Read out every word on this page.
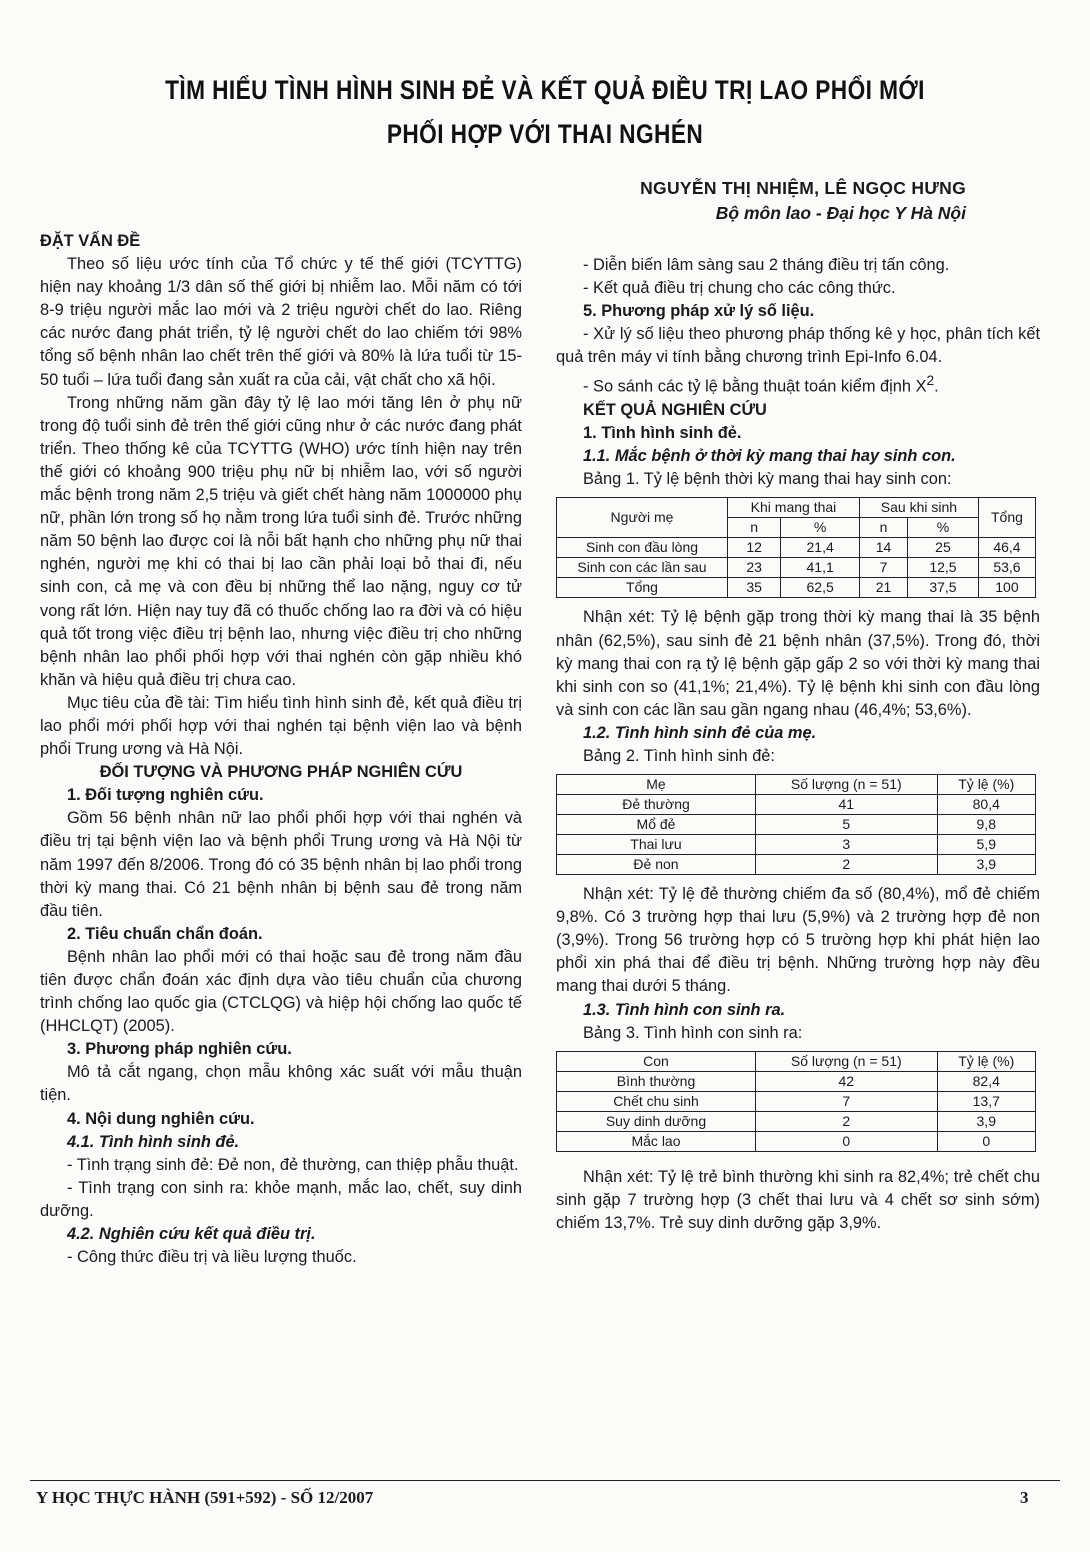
TÌM HIỂU TÌNH HÌNH SINH ĐẺ VÀ KẾT QUẢ ĐIỀU TRỊ LAO PHỔI MỚI
PHỐI HỢP VỚI THAI NGHÉN
NGUYỄN THỊ NHIỆM, LÊ NGỌC HƯNG
Bộ môn lao - Đại học Y Hà Nội

ĐẶT VẤN ĐỀ

Theo số liệu ước tính của Tổ chức y tế thế giới (TCYTTG) hiện nay khoảng 1/3 dân số thế giới bị nhiễm lao. Mỗi năm có tới 8-9 triệu người mắc lao mới và 2 triệu người chết do lao. Riêng các nước đang phát triển, tỷ lệ người chết do lao chiếm tới 98% tổng số bệnh nhân lao chết trên thế giới và 80% là lứa tuổi từ 15-50 tuổi – lứa tuổi đang sản xuất ra của cải, vật chất cho xã hội.

Trong những năm gần đây tỷ lệ lao mới tăng lên ở phụ nữ trong độ tuổi sinh đẻ trên thế giới cũng như ở các nước đang phát triển. Theo thống kê của TCYTTG (WHO) ước tính hiện nay trên thế giới có khoảng 900 triệu phụ nữ bị nhiễm lao, với số người mắc bệnh trong năm 2,5 triệu và giết chết hàng năm 1000000 phụ nữ, phần lớn trong số họ nằm trong lứa tuổi sinh đẻ. Trước những năm 50 bệnh lao được coi là nỗi bất hạnh cho những phụ nữ thai nghén, người mẹ khi có thai bị lao cần phải loại bỏ thai đi, nếu sinh con, cả mẹ và con đều bị những thể lao nặng, nguy cơ tử vong rất lớn. Hiện nay tuy đã có thuốc chống lao ra đời và có hiệu quả tốt trong việc điều trị bệnh lao, nhưng việc điều trị cho những bệnh nhân lao phổi phối hợp với thai nghén còn gặp nhiều khó khăn và hiệu quả điều trị chưa cao.

Mục tiêu của đề tài: Tìm hiểu tình hình sinh đẻ, kết quả điều trị lao phổi mới phối hợp với thai nghén tại bệnh viện lao và bệnh phổi Trung ương và Hà Nội.

ĐỐI TƯỢNG VÀ PHƯƠNG PHÁP NGHIÊN CỨU

1. Đối tượng nghiên cứu.

Gồm 56 bệnh nhân nữ lao phổi phối hợp với thai nghén và điều trị tại bệnh viện lao và bệnh phổi Trung ương và Hà Nội từ năm 1997 đến 8/2006. Trong đó có 35 bệnh nhân bị lao phổi trong thời kỳ mang thai. Có 21 bệnh nhân bị bệnh sau đẻ trong năm đầu tiên.

2. Tiêu chuẩn chẩn đoán.

Bệnh nhân lao phổi mới có thai hoặc sau đẻ trong năm đầu tiên được chẩn đoán xác định dựa vào tiêu chuẩn của chương trình chống lao quốc gia (CTCLQG) và hiệp hội chống lao quốc tế (HHCLQT) (2005).

3. Phương pháp nghiên cứu.

Mô tả cắt ngang, chọn mẫu không xác suất với mẫu thuận tiện.

4. Nội dung nghiên cứu.

4.1. Tình hình sinh đẻ.

- Tình trạng sinh đẻ: Đẻ non, đẻ thường, can thiệp phẫu thuật.

- Tình trạng con sinh ra: khỏe mạnh, mắc lao, chết, suy dinh dưỡng.

4.2. Nghiên cứu kết quả điều trị.

- Công thức điều trị và liều lượng thuốc.

- Diễn biến lâm sàng sau 2 tháng điều trị tấn công.

- Kết quả điều trị chung cho các công thức.

5. Phương pháp xử lý số liệu.

- Xử lý số liệu theo phương pháp thống kê y học, phân tích kết quả trên máy vi tính bằng chương trình Epi-Info 6.04.

- So sánh các tỷ lệ bằng thuật toán kiểm định $X^2$.

KẾT QUẢ NGHIÊN CỨU

1. Tình hình sinh đẻ.

1.1. Mắc bệnh ở thời kỳ mang thai hay sinh con.

Bảng 1. Tỷ lệ bệnh thời kỳ mang thai hay sinh con:

Người mẹ	Khi mang thai		Sau khi sinh		Tổng
	n	%	n	%	
Sinh con đầu lòng	12	21,4	14	25	46,4
Sinh con các lần sau	23	41,1	7	12,5	53,6
Tổng	35	62,5	21	37,5	100

Nhận xét: Tỷ lệ bệnh gặp trong thời kỳ mang thai là 35 bệnh nhân (62,5%), sau sinh đẻ 21 bệnh nhân (37,5%). Trong đó, thời kỳ mang thai con rạ tỷ lệ bệnh gặp gấp 2 so với thời kỳ mang thai khi sinh con so (41,1%; 21,4%). Tỷ lệ bệnh khi sinh con đầu lòng và sinh con các lần sau gần ngang nhau (46,4%; 53,6%).

1.2. Tình hình sinh đẻ của mẹ.

Bảng 2. Tình hình sinh đẻ:

Mẹ	Số lượng (n = 51)	Tỷ lệ (%)
Đẻ thường	41	80,4
Mổ đẻ	5	9,8
Thai lưu	3	5,9
Đẻ non	2	3,9

Nhận xét: Tỷ lệ đẻ thường chiếm đa số (80,4%), mổ đẻ chiếm 9,8%. Có 3 trường hợp thai lưu (5,9%) và 2 trường hợp đẻ non (3,9%). Trong 56 trường hợp có 5 trường hợp khi phát hiện lao phổi xin phá thai để điều trị bệnh. Những trường hợp này đều mang thai dưới 5 tháng.

1.3. Tình hình con sinh ra.

Bảng 3. Tình hình con sinh ra:

Con	Số lượng (n = 51)	Tỷ lệ (%)
Bình thường	42	82,4
Chết chu sinh	7	13,7
Suy dinh dưỡng	2	3,9
Mắc lao	0	0

Nhận xét: Tỷ lệ trẻ bình thường khi sinh ra 82,4%; trẻ chết chu sinh gặp 7 trường hợp (3 chết thai lưu và 4 chết sơ sinh sớm) chiếm 13,7%. Trẻ suy dinh dưỡng gặp 3,9%.

Y HỌC THỰC HÀNH (591+592) - SỐ 12/2007	3
